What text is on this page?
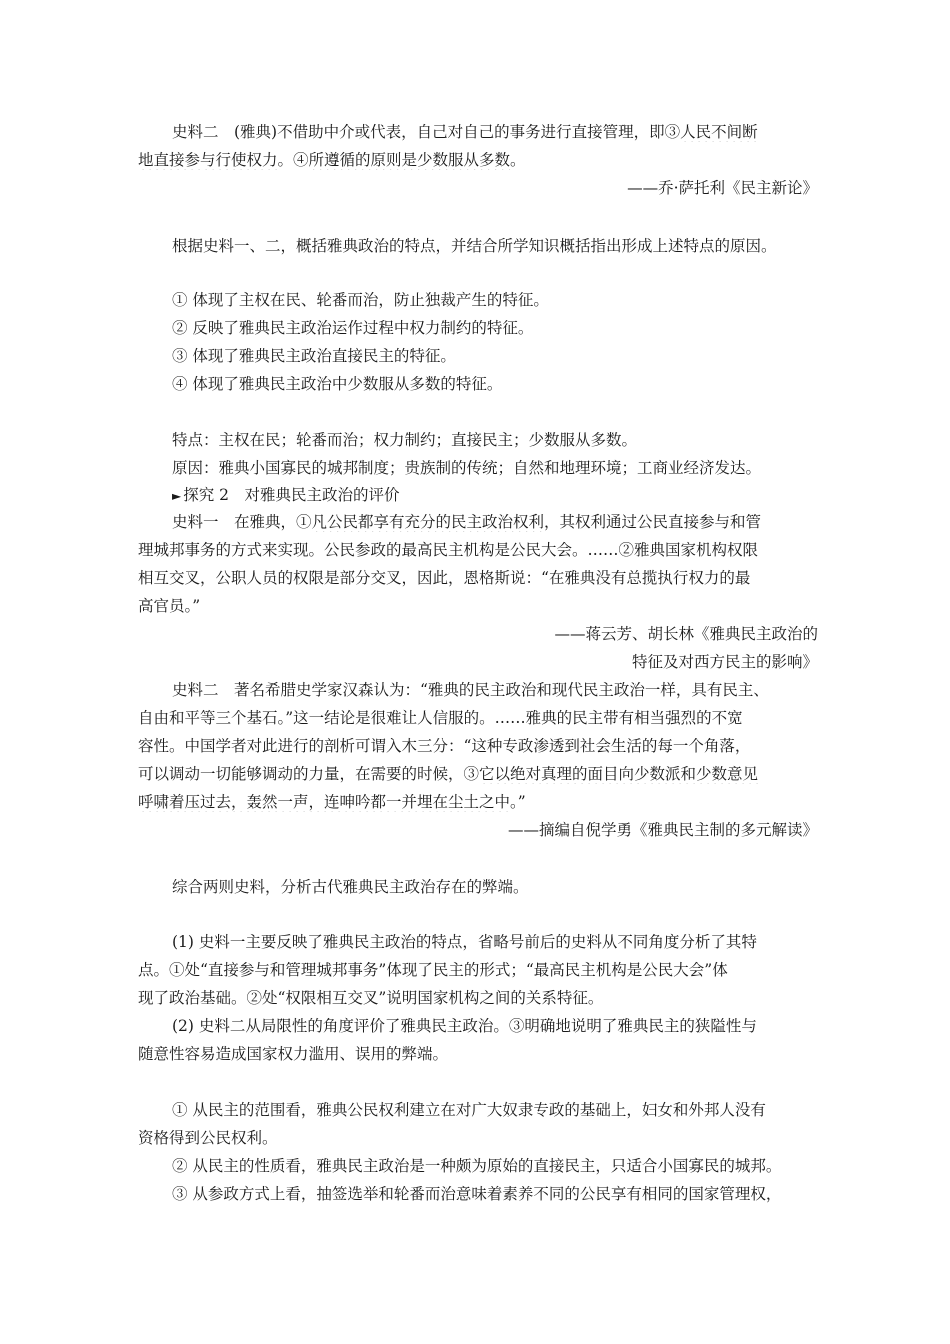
史料二　(雅典)不借助中介或代表，自己对自己的事务进行直接管理，即③人民不间断
地直接参与行使权力。④所遵循的原则是少数服从多数。
——乔·萨托利《民主新论》
根据史料一、二，概括雅典政治的特点，并结合所学知识概括指出形成上述特点的原因。
① 体现了主权在民、轮番而治，防止独裁产生的特征。
② 反映了雅典民主政治运作过程中权力制约的特征。
③ 体现了雅典民主政治直接民主的特征。
④ 体现了雅典民主政治中少数服从多数的特征。
特点：主权在民；轮番而治；权力制约；直接民主；少数服从多数。
原因：雅典小国寡民的城邦制度；贵族制的传统；自然和地理环境；工商业经济发达。
► 探究 2　对雅典民主政治的评价
史料一　在雅典，①凡公民都享有充分的民主政治权利，其权利通过公民直接参与和管
理城邦事务的方式来实现。公民参政的最高民主机构是公民大会。……②雅典国家机构权限
相互交叉，公职人员的权限是部分交叉，因此，恩格斯说：“在雅典没有总揽执行权力的最
高官员。”
——蒋云芳、胡长林《雅典民主政治的
特征及对西方民主的影响》
史料二　著名希腊史学家汉森认为：“雅典的民主政治和现代民主政治一样，具有民主、
自由和平等三个基石。”这一结论是很难让人信服的。……雅典的民主带有相当强烈的不宽
容性。中国学者对此进行的剖析可谓入木三分：“这种专政渗透到社会生活的每一个角落，
可以调动一切能够调动的力量，在需要的时候，③它以绝对真理的面目向少数派和少数意见
呼啸着压过去，轰然一声，连呻吟都一并埋在尘土之中。”
——摘编自倪学勇《雅典民主制的多元解读》
综合两则史料，分析古代雅典民主政治存在的弊端。
(1) 史料一主要反映了雅典民主政治的特点，省略号前后的史料从不同角度分析了其特
点。①处“直接参与和管理城邦事务”体现了民主的形式；“最高民主机构是公民大会”体
现了政治基础。②处“权限相互交叉”说明国家机构之间的关系特征。
(2) 史料二从局限性的角度评价了雅典民主政治。③明确地说明了雅典民主的狭隘性与
随意性容易造成国家权力滥用、误用的弊端。
① 从民主的范围看，雅典公民权利建立在对广大奴隶专政的基础上，妇女和外邦人没有
资格得到公民权利。
② 从民主的性质看，雅典民主政治是一种颇为原始的直接民主，只适合小国寡民的城邦。
③ 从参政方式上看，抽签选举和轮番而治意味着素养不同的公民享有相同的国家管理权，
